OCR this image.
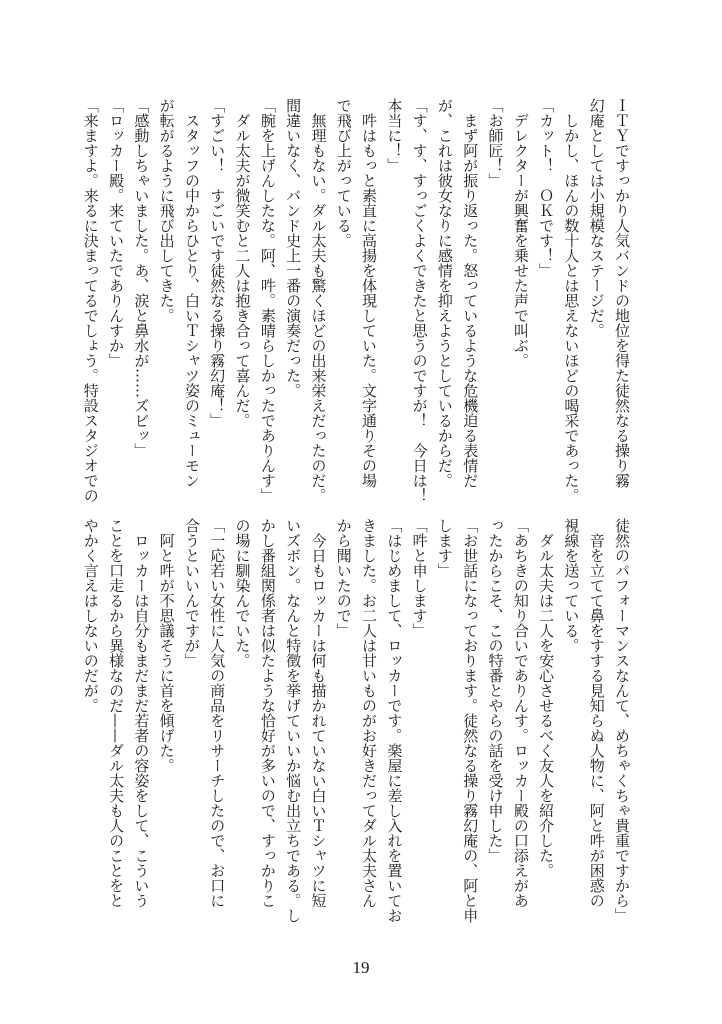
ＩＴＹですっかり人気バンドの地位を得た徒然なる操り霧
幻庵としては小規模なステージだ。
　しかし、ほんの数十人とは思えないほどの喝采であった。
「カット！　ＯＫです！」
　デレクターが興奮を乗せた声で叫ぶ。
「お師匠！」
　まず阿が振り返った。怒っているような危機迫る表情だ
が、これは彼女なりに感情を抑えようとしているからだ。
「す、す、すっごくよくできたと思うのですが！　今日は！
本当に！」
　吽はもっと素直に高揚を体現していた。文字通りその場
で飛び上がっている。
　無理もない。ダル太夫も驚くほどの出来栄えだったのだ。
間違いなく、バンド史上一番の演奏だった。
「腕を上げんしたな。阿、吽。素晴らしかったでありんす」
　ダル太夫が微笑むと二人は抱き合って喜んだ。
「すごい！　すごいです徒然なる操り霧幻庵！」
　スタッフの中からひとり、白いＴシャツ姿のミューモン
が転がるように飛び出してきた。
「感動しちゃいました。あ、涙と鼻水が……ズビッ」
「ロッカー殿。来ていたでありんすか」
「来ますよ。来るに決まってるでしょう。特設スタジオでの
徒然のパフォーマンスなんて、めちゃくちゃ貴重ですから」
　音を立てて鼻をすする見知らぬ人物に、阿と吽が困惑の
視線を送っている。
　ダル太夫は二人を安心させるべく友人を紹介した。
「あちきの知り合いでありんす。ロッカー殿の口添えがあ
ったからこそ、この特番とやらの話を受け申した」
「お世話になっております。徒然なる操り霧幻庵の、阿と申
します」
「吽と申します」
「はじめまして、ロッカーです。楽屋に差し入れを置いてお
きました。お二人は甘いものがお好きだってダル太夫さん
から聞いたので」
　今日もロッカーは何も描かれていない白いＴシャツに短
いズボン。なんと特徴を挙げていいか悩む出立ちである。し
かし番組関係者は似たような恰好が多いので、すっかりこ
の場に馴染んでいた。
「一応若い女性に人気の商品をリサーチしたので、お口に
合うといいんですが」
　阿と吽が不思議そうに首を傾げた。
　ロッカーは自分もまだまだ若者の容姿をして、こういう
ことを口走るから異様なのだ——ダル太夫も人のことをと
やかく言えはしないのだが。
19
